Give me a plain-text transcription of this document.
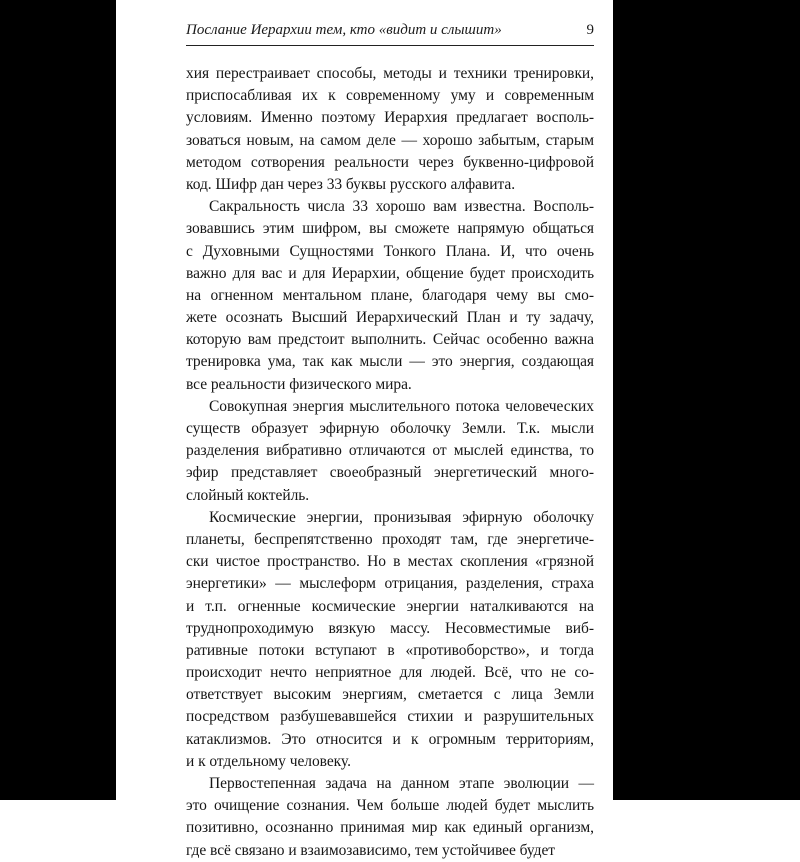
Послание Иерархии тем, кто «видит и слышит»	9
хия перестраивает способы, методы и техники тренировки,
приспосабливая их к современному уму и современным
условиям. Именно поэтому Иерархия предлагает восполь-
зоваться новым, на самом деле — хорошо забытым, старым
методом сотворения реальности через буквенно-цифровой
код. Шифр дан через 33 буквы русского алфавита.
Сакральность числа 33 хорошо вам известна. Восполь-
зовавшись этим шифром, вы сможете напрямую общаться
с Духовными Сущностями Тонкого Плана. И, что очень
важно для вас и для Иерархии, общение будет происходить
на огненном ментальном плане, благодаря чему вы смо-
жете осознать Высший Иерархический План и ту задачу,
которую вам предстоит выполнить. Сейчас особенно важна
тренировка ума, так как мысли — это энергия, создающая
все реальности физического мира.
Совокупная энергия мыслительного потока человеческих
существ образует эфирную оболочку Земли. Т.к. мысли
разделения вибративно отличаются от мыслей единства, то
эфир представляет своеобразный энергетический много-
слойный коктейль.
Космические энергии, пронизывая эфирную оболочку
планеты, беспрепятственно проходят там, где энергетиче-
ски чистое пространство. Но в местах скопления «грязной
энергетики» — мыслеформ отрицания, разделения, страха
и т.п. огненные космические энергии наталкиваются на
труднопроходимую вязкую массу. Несовместимые виб-
ративные потоки вступают в «противоборство», и тогда
происходит нечто неприятное для людей. Всё, что не со-
ответствует высоким энергиям, сметается с лица Земли
посредством разбушевавшейся стихии и разрушительных
катаклизмов. Это относится и к огромным территориям,
и к отдельному человеку.
Первостепенная задача на данном этапе эволюции —
это очищение сознания. Чем больше людей будет мыслить
позитивно, осознанно принимая мир как единый организм,
где всё связано и взаимозависимо, тем устойчивее будет
